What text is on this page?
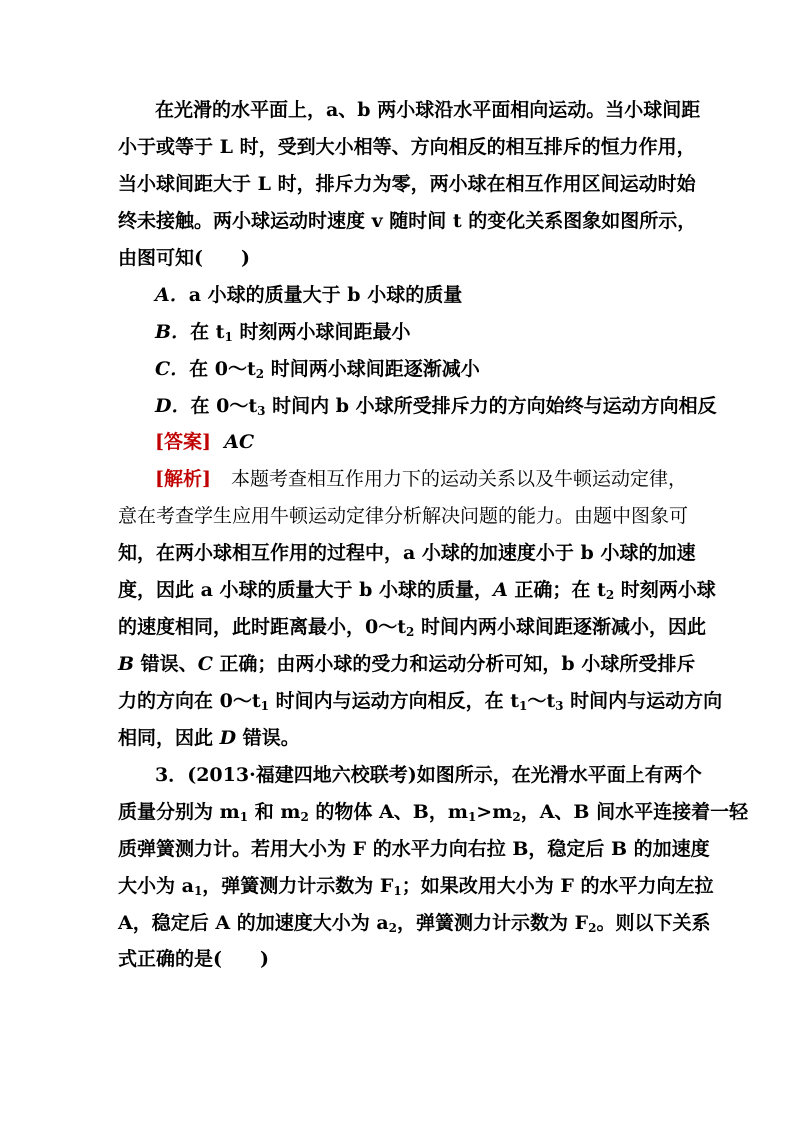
在光滑的水平面上，a、b 两小球沿水平面相向运动。当小球间距
小于或等于 L 时，受到大小相等、方向相反的相互排斥的恒力作用，
当小球间距大于 L 时，排斥力为零，两小球在相互作用区间运动时始
终未接触。两小球运动时速度 v 随时间 t 的变化关系图象如图所示，
由图可知(　　)
A．a 小球的质量大于 b 小球的质量
B．在 $t_1$ 时刻两小球间距最小
C．在 $0\sim t_2$ 时间两小球间距逐渐减小
D．在 $0\sim t_3$ 时间内 b 小球所受排斥力的方向始终与运动方向相反
[答案] AC
[解析] 本题考查相互作用力下的运动关系以及牛顿运动定律，
意在考查学生应用牛顿运动定律分析解决问题的能力。由题中图象可
知，在两小球相互作用的过程中，a 小球的加速度小于 b 小球的加速
度，因此 a 小球的质量大于 b 小球的质量，A 正确；在 $t_2$ 时刻两小球
的速度相同，此时距离最小，$0\sim t_2$ 时间内两小球间距逐渐减小，因此
B 错误、C 正确；由两小球的受力和运动分析可知，b 小球所受排斥
力的方向在 $0\sim t_1$ 时间内与运动方向相反，在 $t_1\sim t_3$ 时间内与运动方向
相同，因此 D 错误。
3．(2013·福建四地六校联考)如图所示，在光滑水平面上有两个
质量分别为 $m_1$ 和 $m_2$ 的物体 A、B，$m_1>m_2$，A、B 间水平连接着一轻
质弹簧测力计。若用大小为 F 的水平力向右拉 B，稳定后 B 的加速度
大小为 $a_1$，弹簧测力计示数为 $F_1$；如果改用大小为 F 的水平力向左拉
A，稳定后 A 的加速度大小为 $a_2$，弹簧测力计示数为 $F_2$。则以下关系
式正确的是(　　)
